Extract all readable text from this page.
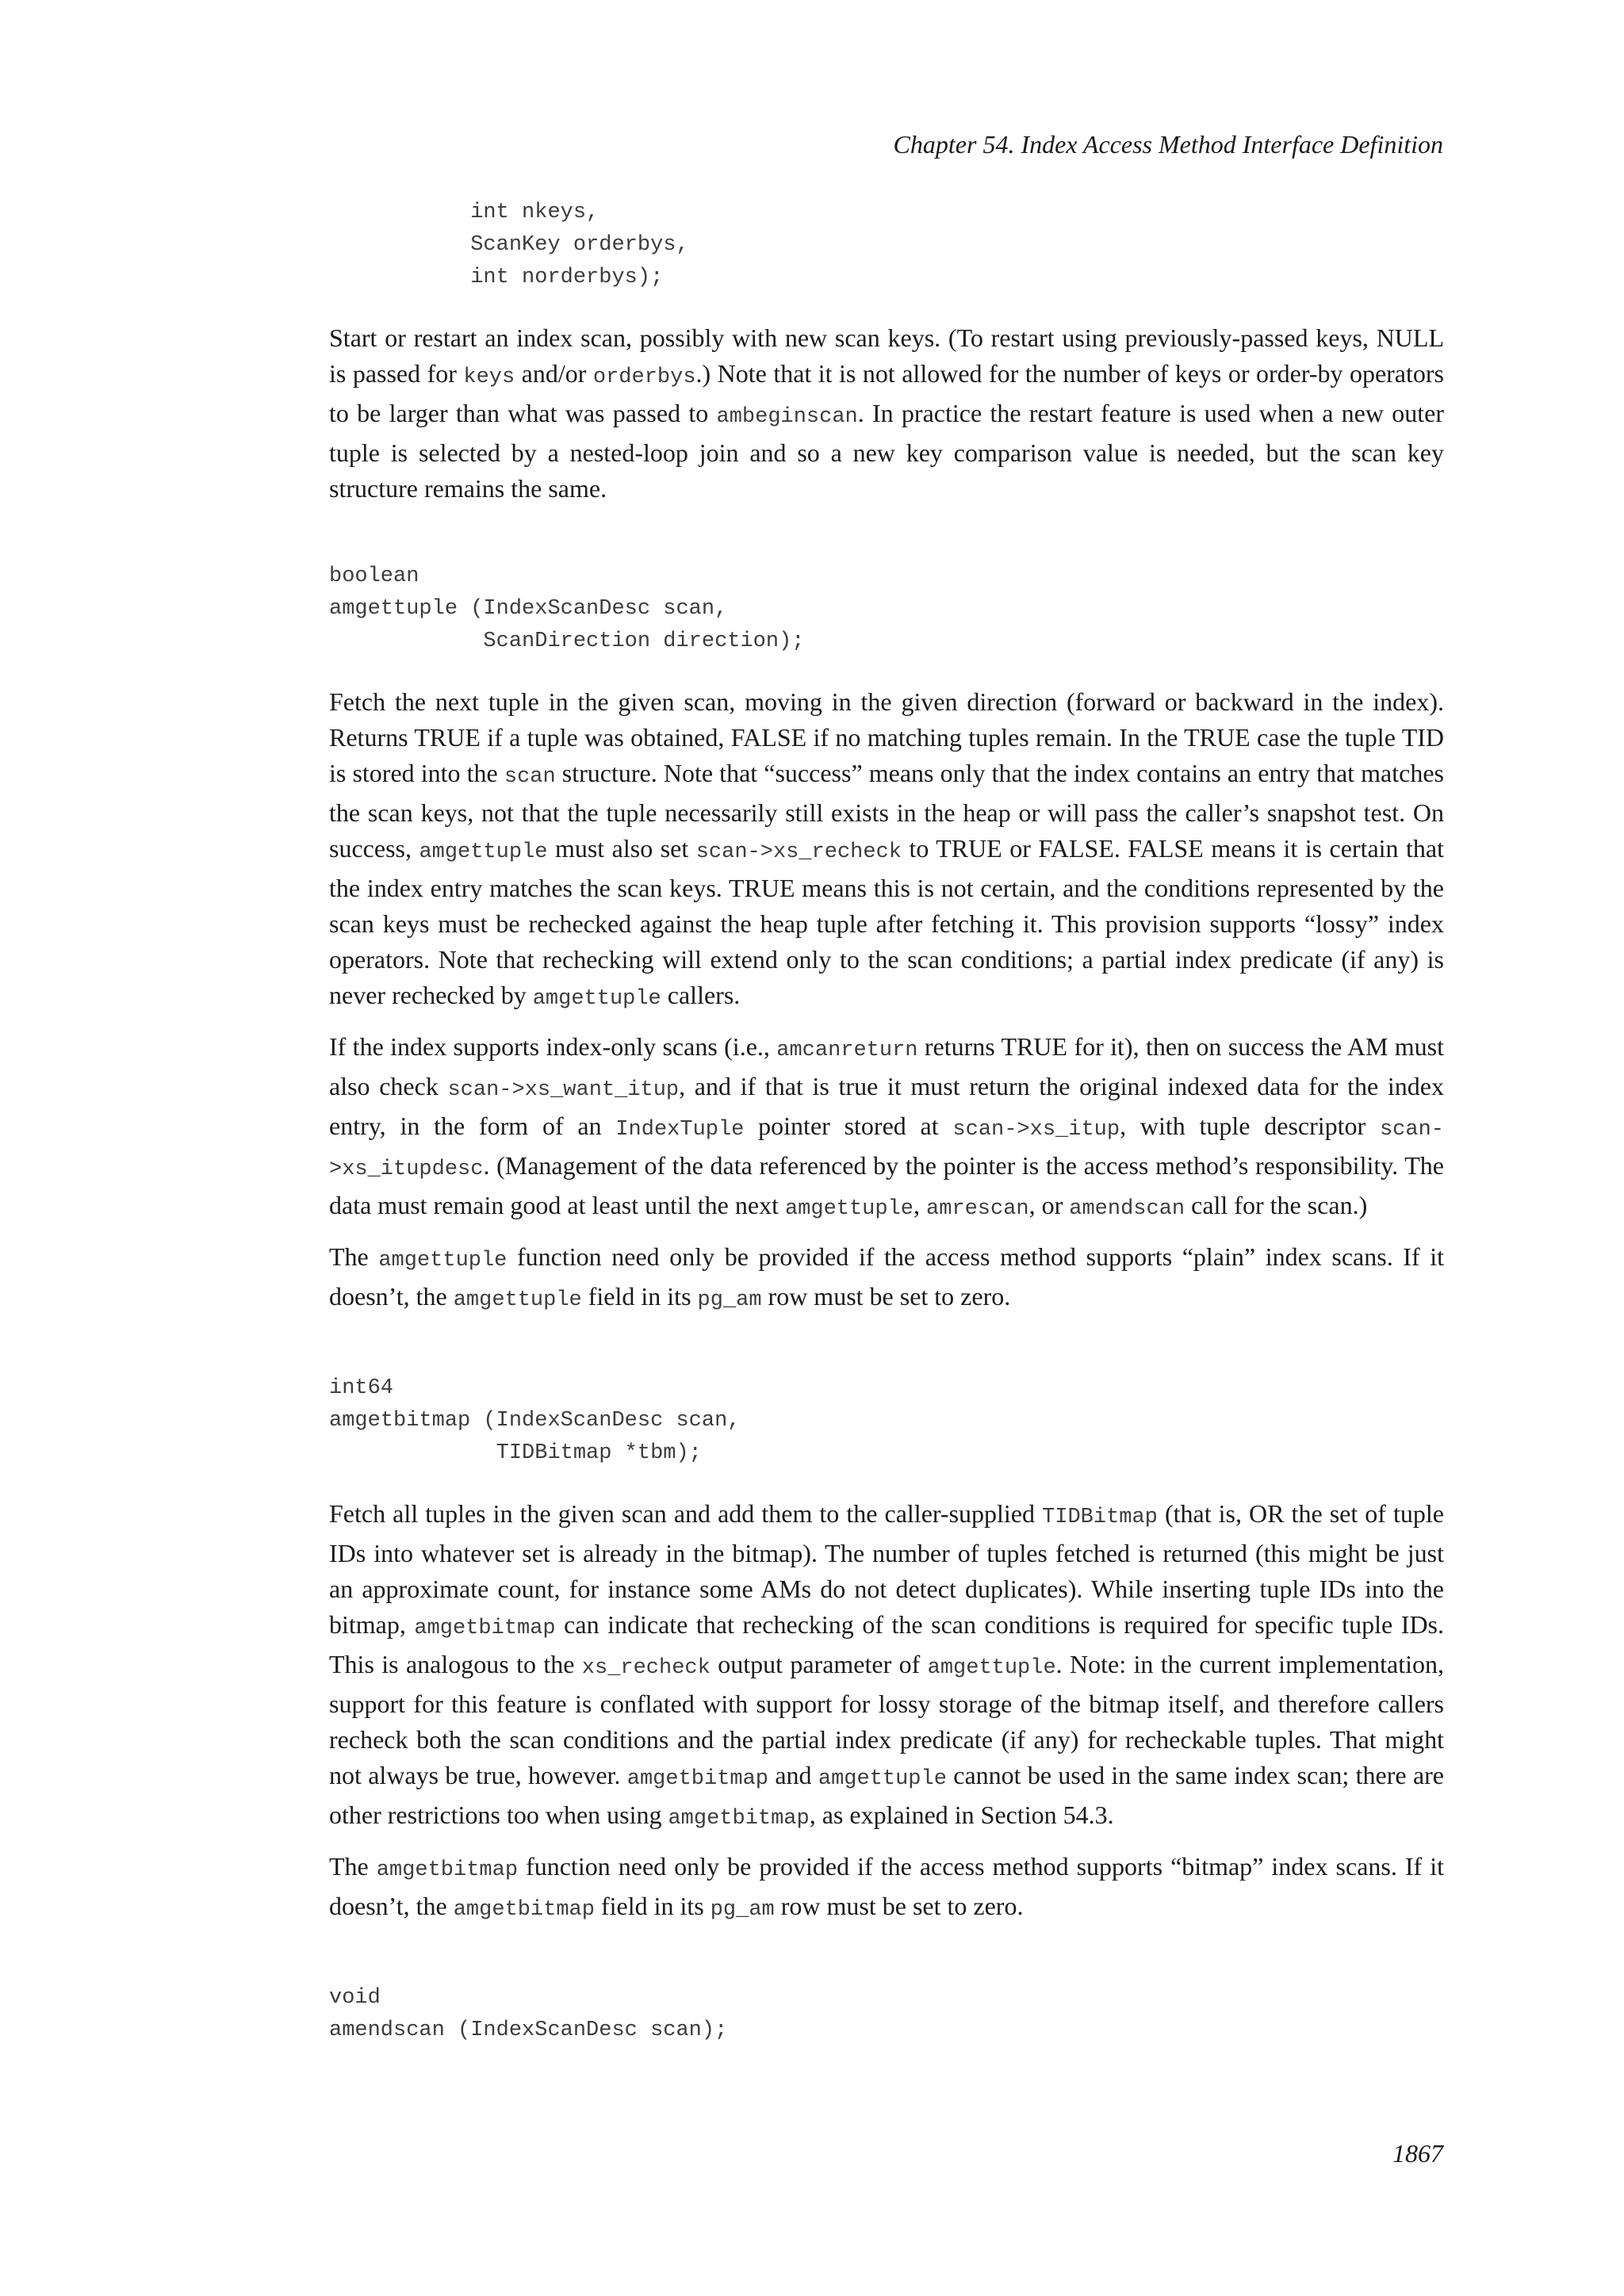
Chapter 54. Index Access Method Interface Definition
int nkeys,
ScanKey orderbys,
int norderbys);
Start or restart an index scan, possibly with new scan keys. (To restart using previously-passed keys, NULL is passed for keys and/or orderbys.) Note that it is not allowed for the number of keys or order-by operators to be larger than what was passed to ambeginscan. In practice the restart feature is used when a new outer tuple is selected by a nested-loop join and so a new key comparison value is needed, but the scan key structure remains the same.
boolean
amgettuple (IndexScanDesc scan,
ScanDirection direction);
Fetch the next tuple in the given scan, moving in the given direction (forward or backward in the index). Returns TRUE if a tuple was obtained, FALSE if no matching tuples remain. In the TRUE case the tuple TID is stored into the scan structure. Note that “success” means only that the index contains an entry that matches the scan keys, not that the tuple necessarily still exists in the heap or will pass the caller’s snapshot test. On success, amgettuple must also set scan->xs_recheck to TRUE or FALSE. FALSE means it is certain that the index entry matches the scan keys. TRUE means this is not certain, and the conditions represented by the scan keys must be rechecked against the heap tuple after fetching it. This provision supports “lossy” index operators. Note that rechecking will extend only to the scan conditions; a partial index predicate (if any) is never rechecked by amgettuple callers.
If the index supports index-only scans (i.e., amcanreturn returns TRUE for it), then on success the AM must also check scan->xs_want_itup, and if that is true it must return the original indexed data for the index entry, in the form of an IndexTuple pointer stored at scan->xs_itup, with tuple descriptor scan->xs_itupdesc. (Management of the data referenced by the pointer is the access method’s responsibility. The data must remain good at least until the next amgettuple, amrescan, or amendscan call for the scan.)
The amgettuple function need only be provided if the access method supports “plain” index scans. If it doesn’t, the amgettuple field in its pg_am row must be set to zero.
int64
amgetbitmap (IndexScanDesc scan,
TIDBitmap *tbm);
Fetch all tuples in the given scan and add them to the caller-supplied TIDBitmap (that is, OR the set of tuple IDs into whatever set is already in the bitmap). The number of tuples fetched is returned (this might be just an approximate count, for instance some AMs do not detect duplicates). While inserting tuple IDs into the bitmap, amgetbitmap can indicate that rechecking of the scan conditions is required for specific tuple IDs. This is analogous to the xs_recheck output parameter of amgettuple. Note: in the current implementation, support for this feature is conflated with support for lossy storage of the bitmap itself, and therefore callers recheck both the scan conditions and the partial index predicate (if any) for recheckable tuples. That might not always be true, however. amgetbitmap and amgettuple cannot be used in the same index scan; there are other restrictions too when using amgetbitmap, as explained in Section 54.3.
The amgetbitmap function need only be provided if the access method supports “bitmap” index scans. If it doesn’t, the amgetbitmap field in its pg_am row must be set to zero.
void
amendscan (IndexScanDesc scan);
1867
